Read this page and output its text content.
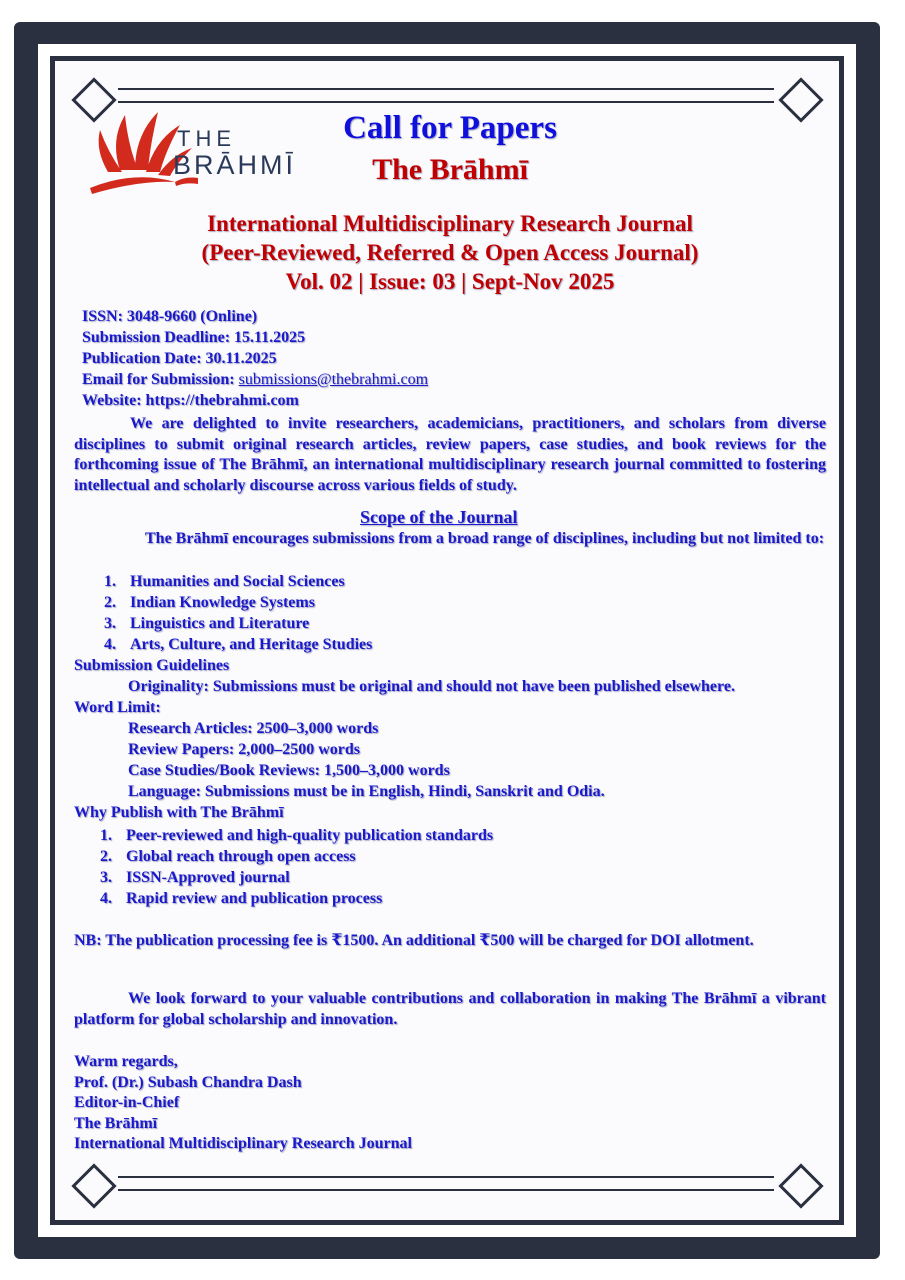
THE
BRĀHMĪ
Call for Papers
The Brāhmī
International Multidisciplinary Research Journal
(Peer-Reviewed, Referred & Open Access Journal)
Vol. 02 | Issue: 03 | Sept-Nov 2025
ISSN: 3048-9660 (Online)
Submission Deadline: 15.11.2025
Publication Date: 30.11.2025
Email for Submission: submissions@thebrahmi.com
Website: https://thebrahmi.com
We are delighted to invite researchers, academicians, practitioners, and scholars from diverse disciplines to submit original research articles, review papers, case studies, and book reviews for the forthcoming issue of The Brāhmī, an international multidisciplinary research journal committed to fostering intellectual and scholarly discourse across various fields of study.
Scope of the Journal
The Brāhmī encourages submissions from a broad range of disciplines, including but not limited to:
1. Humanities and Social Sciences
2. Indian Knowledge Systems
3. Linguistics and Literature
4. Arts, Culture, and Heritage Studies
Submission Guidelines
Originality: Submissions must be original and should not have been published elsewhere.
Word Limit:
Research Articles: 2500–3,000 words
Review Papers: 2,000–2500 words
Case Studies/Book Reviews: 1,500–3,000 words
Language: Submissions must be in English, Hindi, Sanskrit and Odia.
Why Publish with The Brāhmī
1. Peer-reviewed and high-quality publication standards
2. Global reach through open access
3. ISSN-Approved journal
4. Rapid review and publication process
NB: The publication processing fee is ₹1500. An additional ₹500 will be charged for DOI allotment.
We look forward to your valuable contributions and collaboration in making The Brāhmī a vibrant platform for global scholarship and innovation.
Warm regards,
Prof. (Dr.) Subash Chandra Dash
Editor-in-Chief
The Brāhmī
International Multidisciplinary Research Journal
